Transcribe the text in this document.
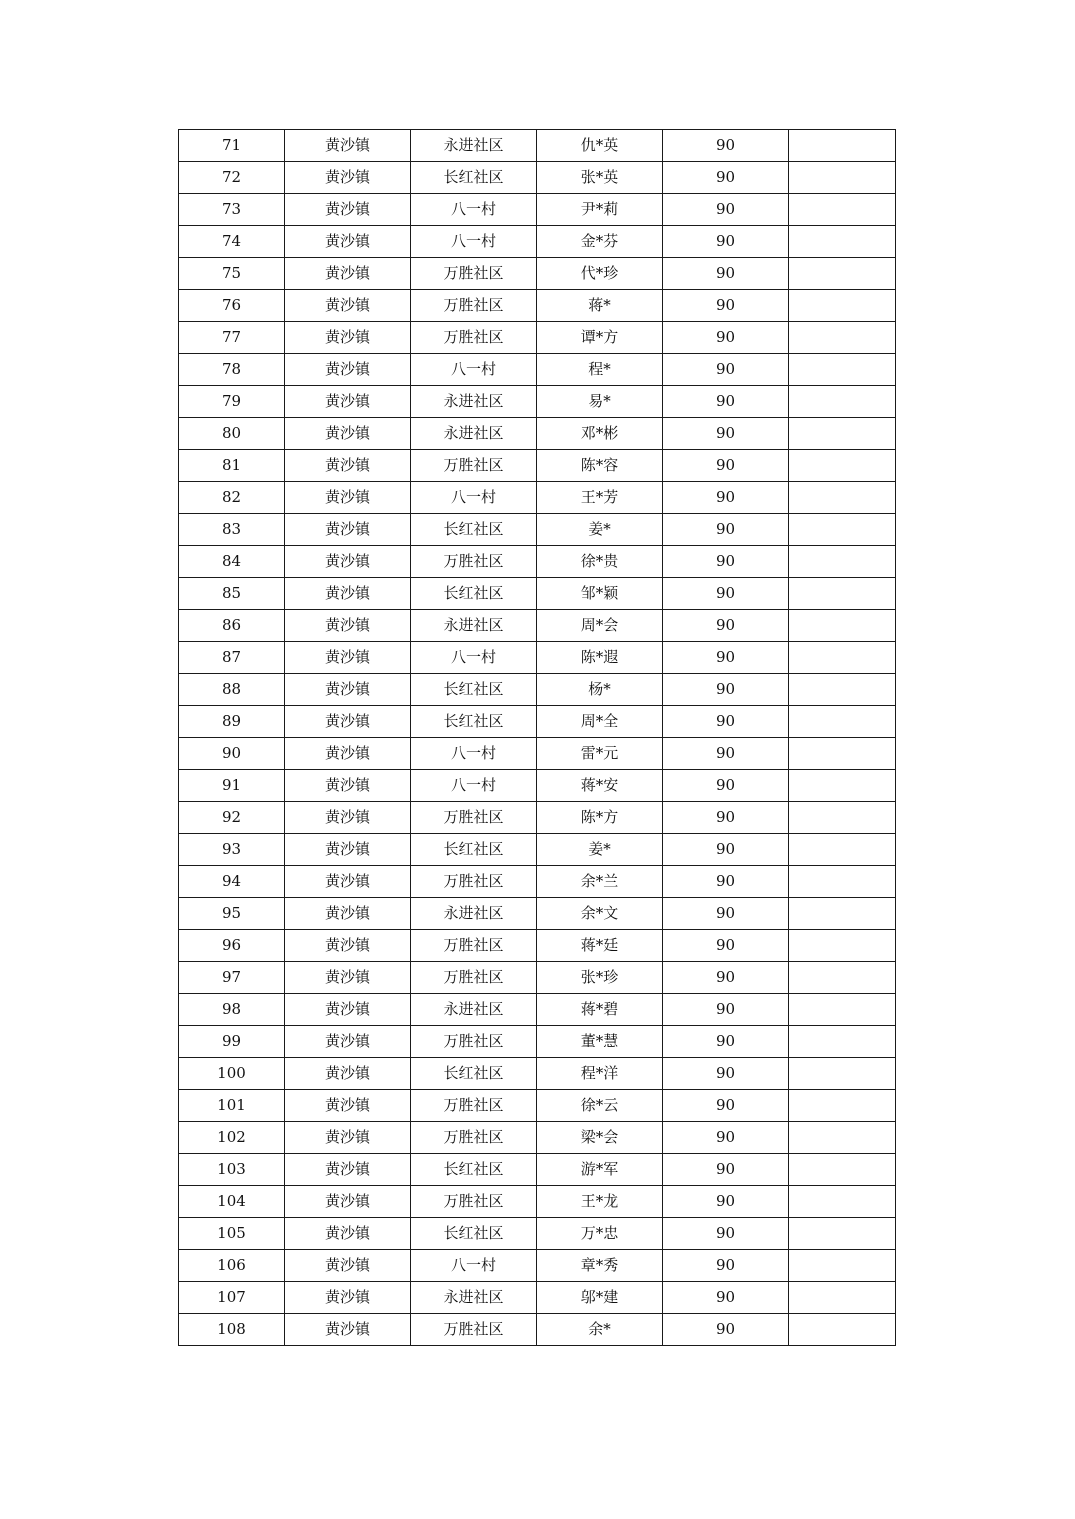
71	黄沙镇	永进社区	仇*英	90	
72	黄沙镇	长红社区	张*英	90	
73	黄沙镇	八一村	尹*莉	90	
74	黄沙镇	八一村	金*芬	90	
75	黄沙镇	万胜社区	代*珍	90	
76	黄沙镇	万胜社区	蒋*	90	
77	黄沙镇	万胜社区	谭*方	90	
78	黄沙镇	八一村	程*	90	
79	黄沙镇	永进社区	易*	90	
80	黄沙镇	永进社区	邓*彬	90	
81	黄沙镇	万胜社区	陈*容	90	
82	黄沙镇	八一村	王*芳	90	
83	黄沙镇	长红社区	姜*	90	
84	黄沙镇	万胜社区	徐*贵	90	
85	黄沙镇	长红社区	邹*颖	90	
86	黄沙镇	永进社区	周*会	90	
87	黄沙镇	八一村	陈*遐	90	
88	黄沙镇	长红社区	杨*	90	
89	黄沙镇	长红社区	周*全	90	
90	黄沙镇	八一村	雷*元	90	
91	黄沙镇	八一村	蒋*安	90	
92	黄沙镇	万胜社区	陈*方	90	
93	黄沙镇	长红社区	姜*	90	
94	黄沙镇	万胜社区	余*兰	90	
95	黄沙镇	永进社区	余*文	90	
96	黄沙镇	万胜社区	蒋*廷	90	
97	黄沙镇	万胜社区	张*珍	90	
98	黄沙镇	永进社区	蒋*碧	90	
99	黄沙镇	万胜社区	董*慧	90	
100	黄沙镇	长红社区	程*洋	90	
101	黄沙镇	万胜社区	徐*云	90	
102	黄沙镇	万胜社区	梁*会	90	
103	黄沙镇	长红社区	游*军	90	
104	黄沙镇	万胜社区	王*龙	90	
105	黄沙镇	长红社区	万*忠	90	
106	黄沙镇	八一村	章*秀	90	
107	黄沙镇	永进社区	邬*建	90	
108	黄沙镇	万胜社区	余*	90	
